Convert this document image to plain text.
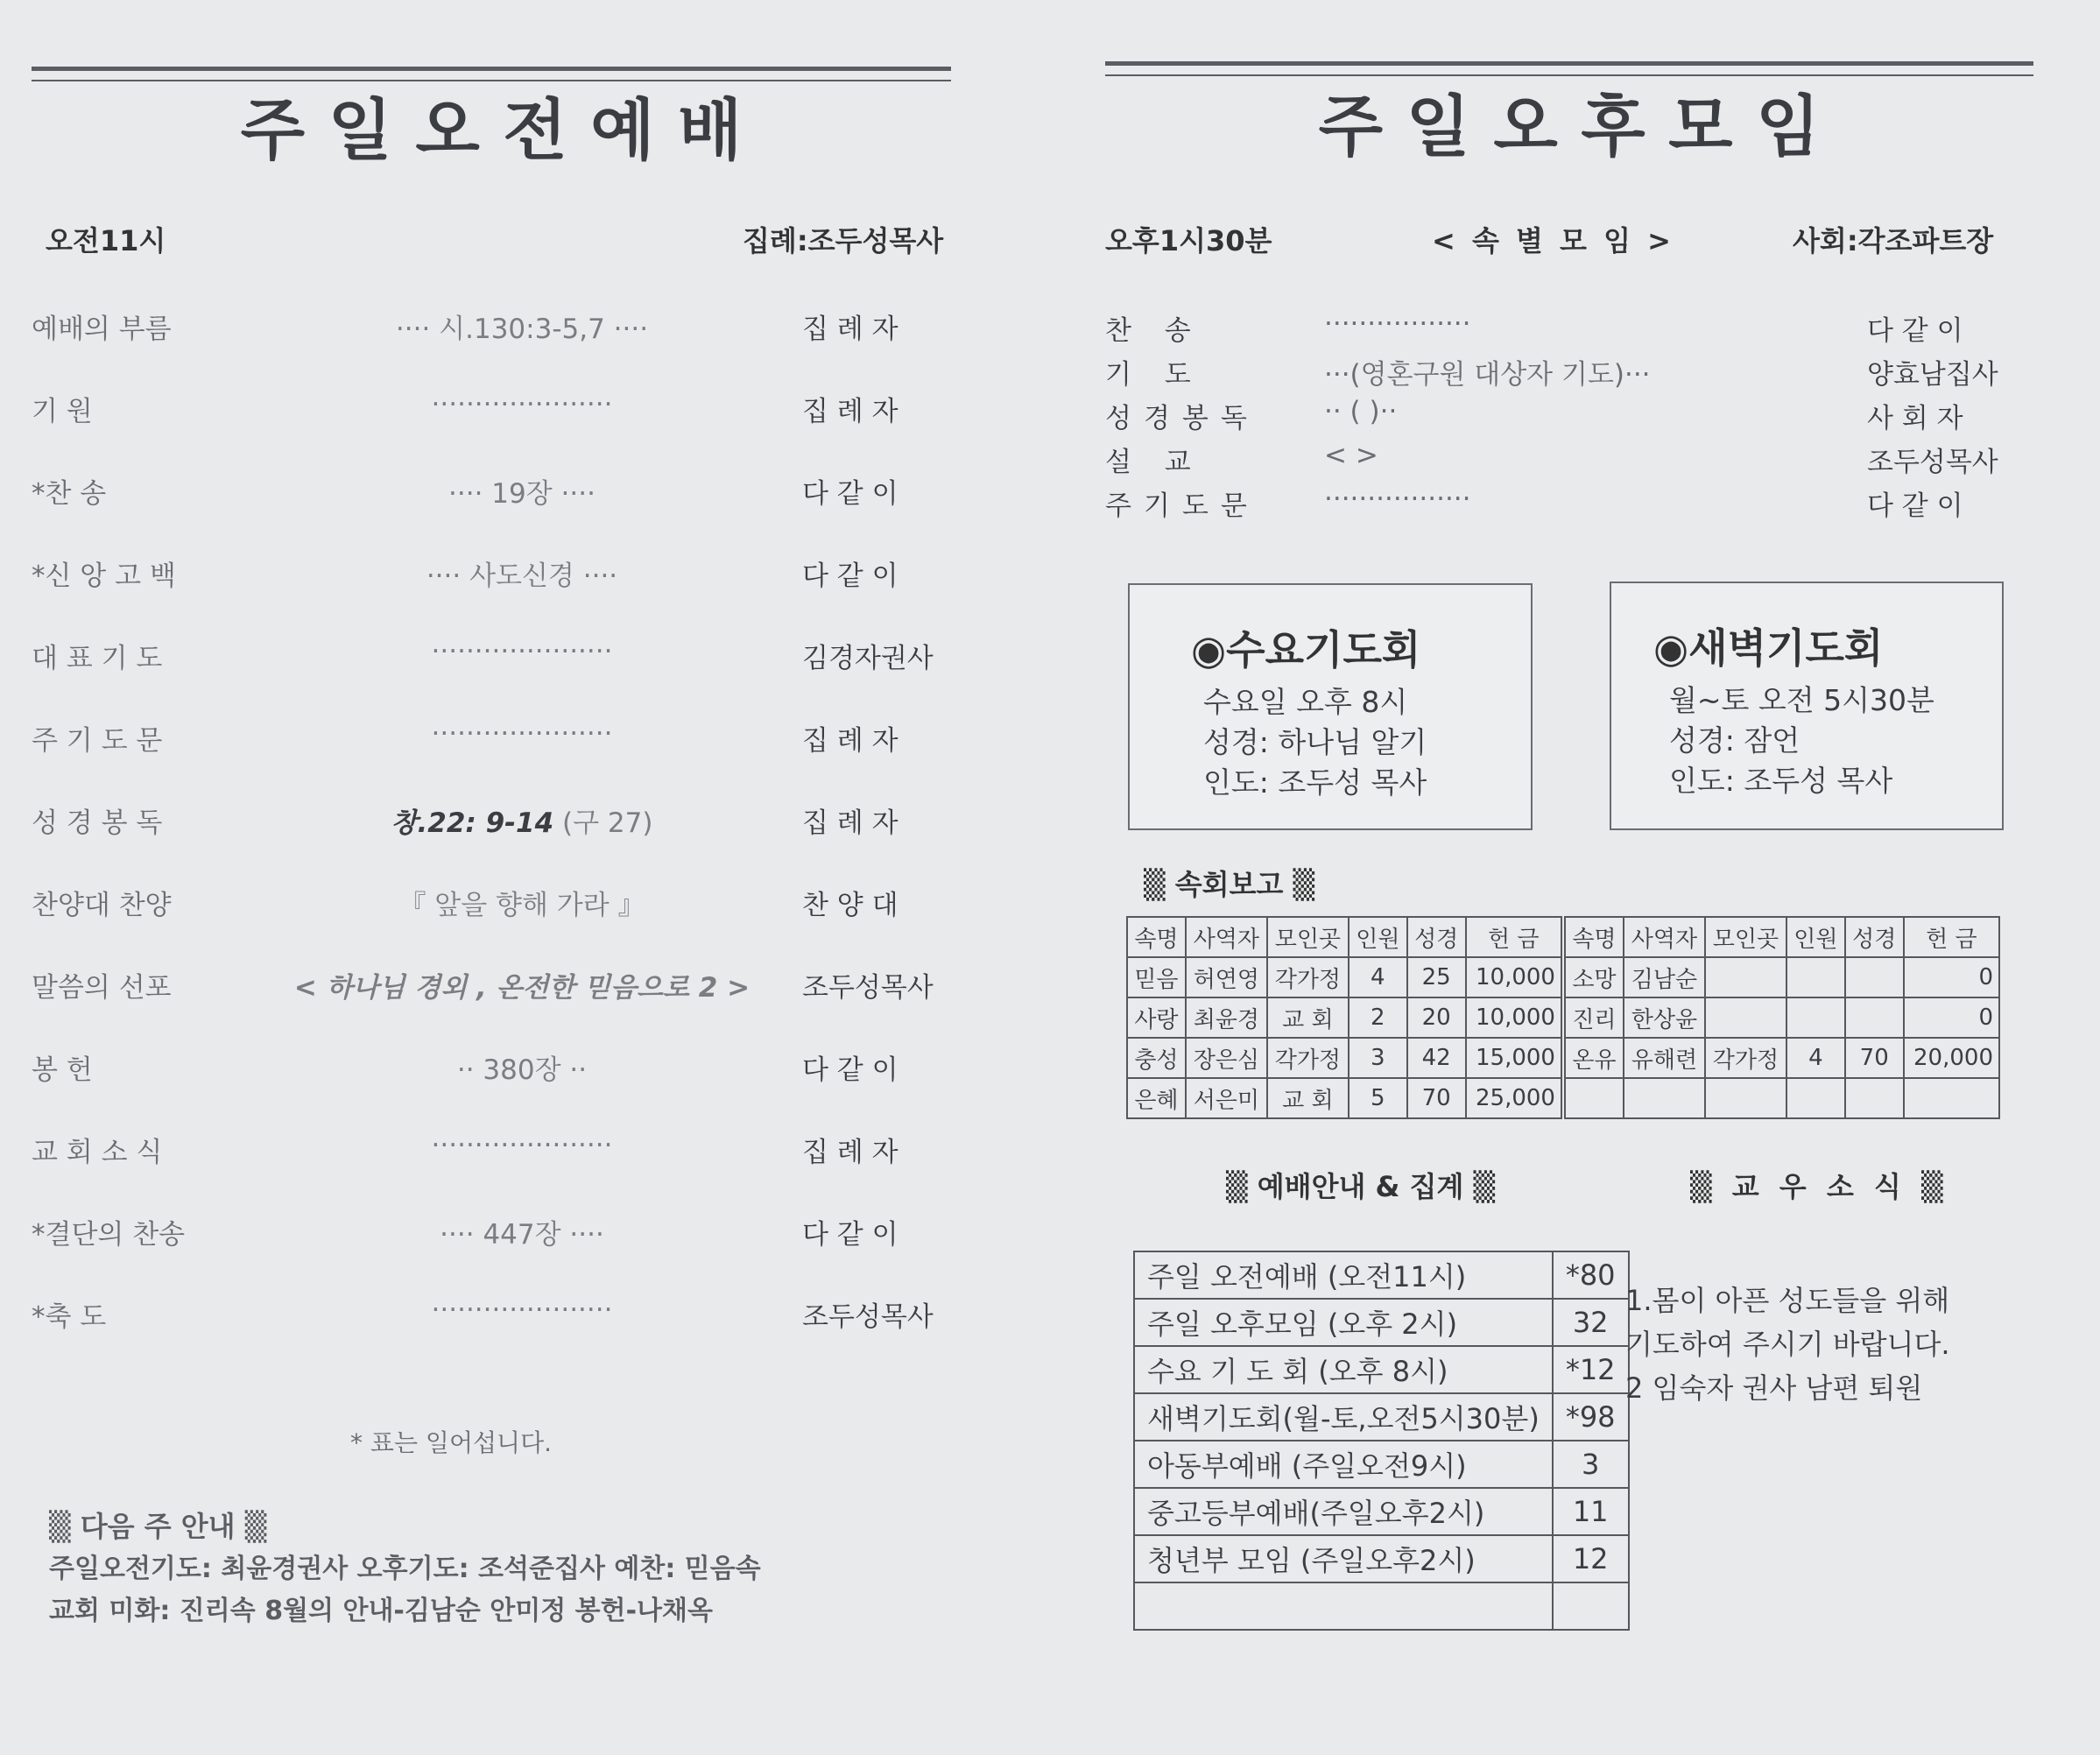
주 일 오 전 예 배
오전11시	집례:조두성목사
예배의 부름	···· 시.130:3-5,7 ····	집 례 자
기 원	·····················	집 례 자
*찬 송	···· 19장 ····	다 같 이
*신 앙 고 백	···· 사도신경 ····	다 같 이
대 표 기 도	·····················	김경자권사
주 기 도 문	·····················	집 례 자
성 경 봉 독	창.22: 9-14 (구 27)	집 례 자
찬양대 찬양	『 앞을 향해 가라 』	찬 양 대
말씀의 선포	< 하나님 경외 , 온전한 믿음으로 2 >	조두성목사
봉 헌	·· 380장 ··	다 같 이
교 회 소 식	·····················	집 례 자
*결단의 찬송	···· 447장 ····	다 같 이
*축 도	·····················	조두성목사
* 표는 일어섭니다.
▒ 다음 주 안내 ▒
주일오전기도: 최윤경권사 오후기도: 조석준집사 예찬: 믿음속
교회 미화: 진리속 8월의 안내-김남순 안미정 봉헌-나채옥
주 일 오 후 모 임
오후1시30분	< 속 별 모 임 >	사회:각조파트장
찬 송	·················	다 같 이
기 도	···(영혼구원 대상자 기도)···	양효남집사
성경봉독 ·· ( )··	사 회 자
설 교	< >	조두성목사
주기도문 ·················	다 같 이
◉수요기도회
수요일 오후 8시
성경: 하나님 알기
인도: 조두성 목사
◉새벽기도회
월~토 오전 5시30분
성경: 잠언
인도: 조두성 목사
▒ 속회보고 ▒
속명	사역자	모인곳	인원	성경	헌 금	속명	사역자	모인곳	인원	성경	헌 금
믿음	허연영	각가정	4	25	10,000	소망	김남순				0
사랑	최윤경	교 회	2	20	10,000	진리	한상윤				0
충성	장은심	각가정	3	42	15,000	온유	유해련	각가정	4	70	20,000
은혜	서은미	교 회	5	70	25,000						
▒ 예배안내 & 집계 ▒	▒ 교 우 소 식 ▒
주일 오전예배 (오전11시)	*80
주일 오후모임 (오후 2시)	32
수요 기 도 회 (오후 8시)	*12
새벽기도회(월-토,오전5시30분)	*98
아동부예배 (주일오전9시)	3
중고등부예배(주일오후2시)	11
청년부 모임 (주일오후2시)	12

1.몸이 아픈 성도들을 위해
기도하여 주시기 바랍니다.
2 임숙자 권사 남편 퇴원
